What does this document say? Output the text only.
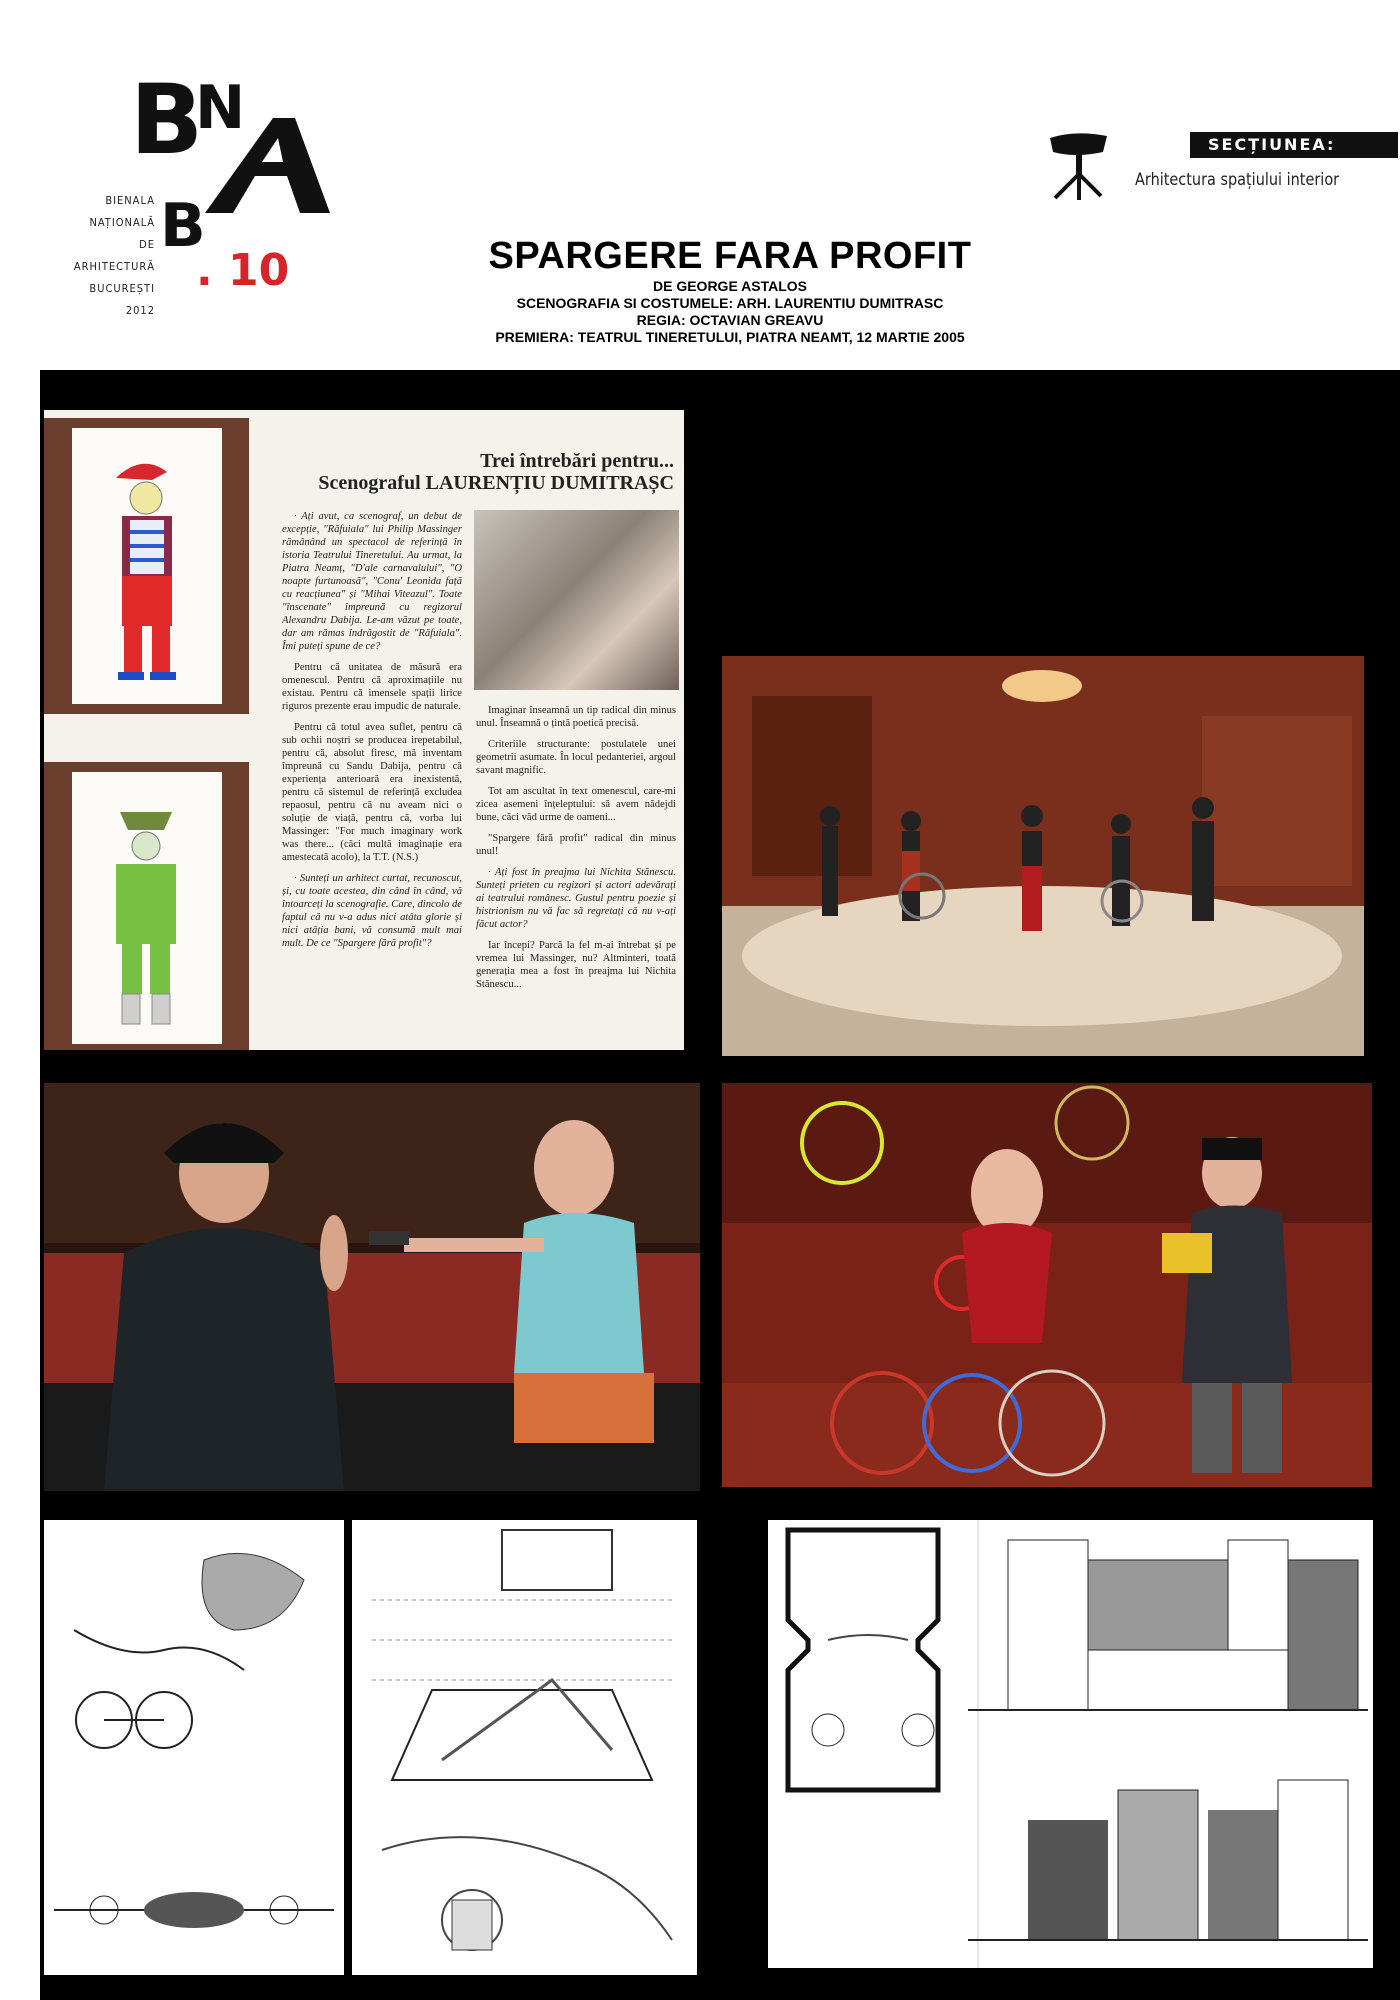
B
N
B
BIENALA
NAȚIONALĂ
DE
ARHITECTURĂ
BUCUREȘTI
2012
. 10
SECȚIUNEA:
Arhitectura spațiului interior
SPARGERE FARA PROFIT

DE GEORGE ASTALOS

SCENOGRAFIA SI COSTUMELE: ARH. LAURENTIU DUMITRASC

REGIA: OCTAVIAN GREAVU

PREMIERA: TEATRUL TINERETULUI, PIATRA NEAMT, 12 MARTIE 2005

Trei întrebări pentru...
Scenograful LAURENȚIU DUMITRAȘC

· Ați avut, ca scenograf, un debut de excepție, "Răfuiala" lui Philip Massinger rămânând un spectacol de referință în istoria Teatrului Tineretului. Au urmat, la Piatra Neamț, "D'ale carnavalului", "O noapte furtunoasă", "Conu' Leonida față cu reacțiunea" și "Mihai Viteazul". Toate "înscenate" împreună cu regizorul Alexandru Dabija. Le-am văzut pe toate, dar am rămas îndrăgostit de "Răfuiala". Îmi puteți spune de ce?

Pentru că unitatea de măsură era omenescul. Pentru că aproximațiile nu existau. Pentru că imensele spații lirice riguros prezente erau impudic de naturale.

Pentru că totul avea suflet, pentru că sub ochii noștri se producea irepetabilul, pentru că, absolut firesc, mă inventam împreună cu Sandu Dabija, pentru că experiența anterioară era inexistentă, pentru că sistemul de referință excludea repaosul, pentru că nu aveam nici o soluție de viață, pentru că, vorba lui Massinger: "For much imaginary work was there... (căci multă imaginație era amestecată acolo), la T.T. (N.S.)

· Sunteți un arhitect curtat, recunoscut, și, cu toate acestea, din când în când, vă întoarceți la scenografie. Care, dincolo de faptul că nu v-a adus nici atâta glorie și nici atâția bani, vă consumă mult mai mult. De ce "Spargere fără profit"?

Imaginar înseamnă un tip radical din minus unul. Înseamnă o țintă poetică precisă.

Criteriile structurante: postulatele unei geometrii asumate. În locul pedanteriei, argoul savant magnific.

Tot am ascultat în text omenescul, care-mi zicea asemeni înțeleptului: să avem nădejdi bune, căci văd urme de oameni...

"Spargere fără profit" radical din minus unul!

· Ați fost în preajma lui Nichita Stănescu. Sunteți prieten cu regizori și actori adevărați ai teatrului românesc. Gustul pentru poezie și histrionism nu vă fac să regretați că nu v-ați făcut actor?

Iar începi? Parcă la fel m-ai întrebat și pe vremea lui Massinger, nu? Altminteri, toată generația mea a fost în preajma lui Nichita Stănescu...
